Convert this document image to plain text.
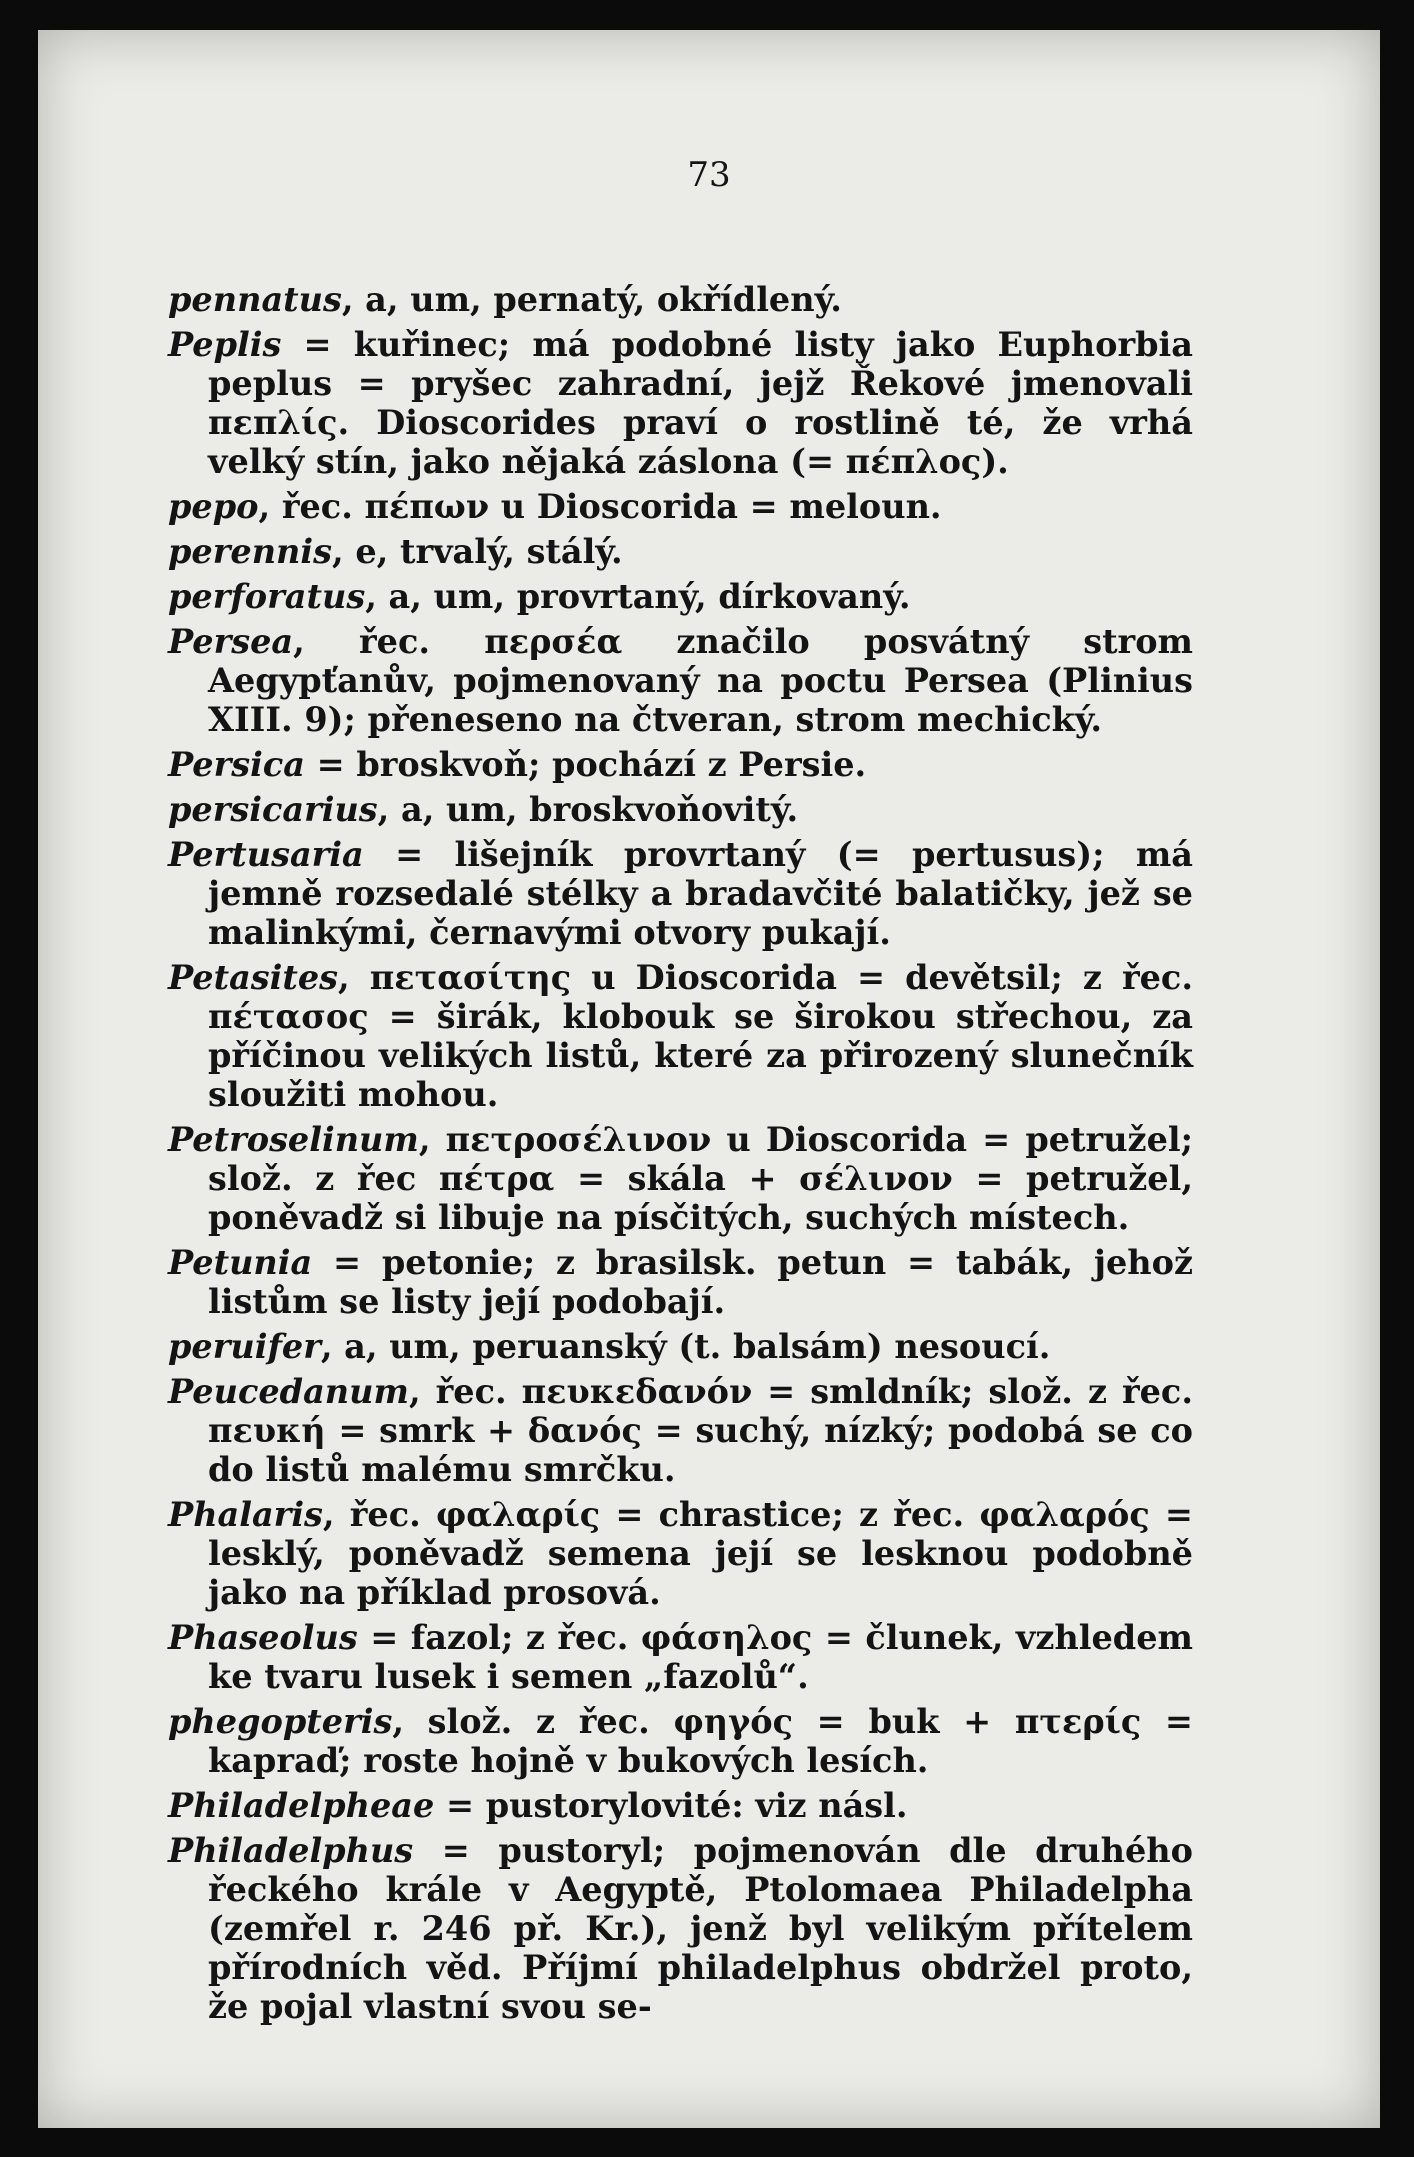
73

pennatus, a, um, pernatý, okřídlený.

Peplis = kuřinec; má podobné listy jako Euphorbia peplus = pryšec zahradní, jejž Řekové jmenovali πεπλίς. Dioscorides praví o rostlině té, že vrhá velký stín, jako nějaká záslona (= πέπλος).

pepo, řec. πέπων u Dioscorida = meloun.

perennis, e, trvalý, stálý.

perforatus, a, um, provrtaný, dírkovaný.

Persea, řec. περσέα značilo posvátný strom Aegypťanův, pojmenovaný na poctu Persea (Plinius XIII. 9); přeneseno na čtveran, strom mechický.

Persica = broskvoň; pochází z Persie.

persicarius, a, um, broskvoňovitý.

Pertusaria = lišejník provrtaný (= pertusus); má jemně rozsedalé stélky a bradavčité balatičky, jež se malinkými, černavými otvory pukají.

Petasites, πετασίτης u Dioscorida = devětsil; z řec. πέτασος = širák, klobouk se širokou střechou, za příčinou velikých listů, které za přirozený slunečník sloužiti mohou.

Petroselinum, πετροσέλινον u Dioscorida = petružel; slož. z řec πέτρα = skála + σέλινον = petružel, poněvadž si libuje na písčitých, suchých místech.

Petunia = petonie; z brasilsk. petun = tabák, jehož listům se listy její podobají.

peruifer, a, um, peruanský (t. balsám) nesoucí.

Peucedanum, řec. πευκεδανόν = smldník; slož. z řec. πευκή = smrk + δανός = suchý, nízký; podobá se co do listů malému smrčku.

Phalaris, řec. φαλαρίς = chrastice; z řec. φαλαρός = lesklý, poněvadž semena její se lesknou podobně jako na příklad prosová.

Phaseolus = fazol; z řec. φάσηλος = člunek, vzhledem ke tvaru lusek i semen „fazolů“.

phegopteris, slož. z řec. φηγός = buk + πτερίς = kapraď; roste hojně v bukových lesích.

Philadelpheae = pustorylovité: viz násl.

Philadelphus = pustoryl; pojmenován dle druhého řeckého krále v Aegyptě, Ptolomaea Philadelpha (zemřel r. 246 př. Kr.), jenž byl velikým přítelem přírodních věd. Příjmí philadelphus obdržel proto, že pojal vlastní svou se-
